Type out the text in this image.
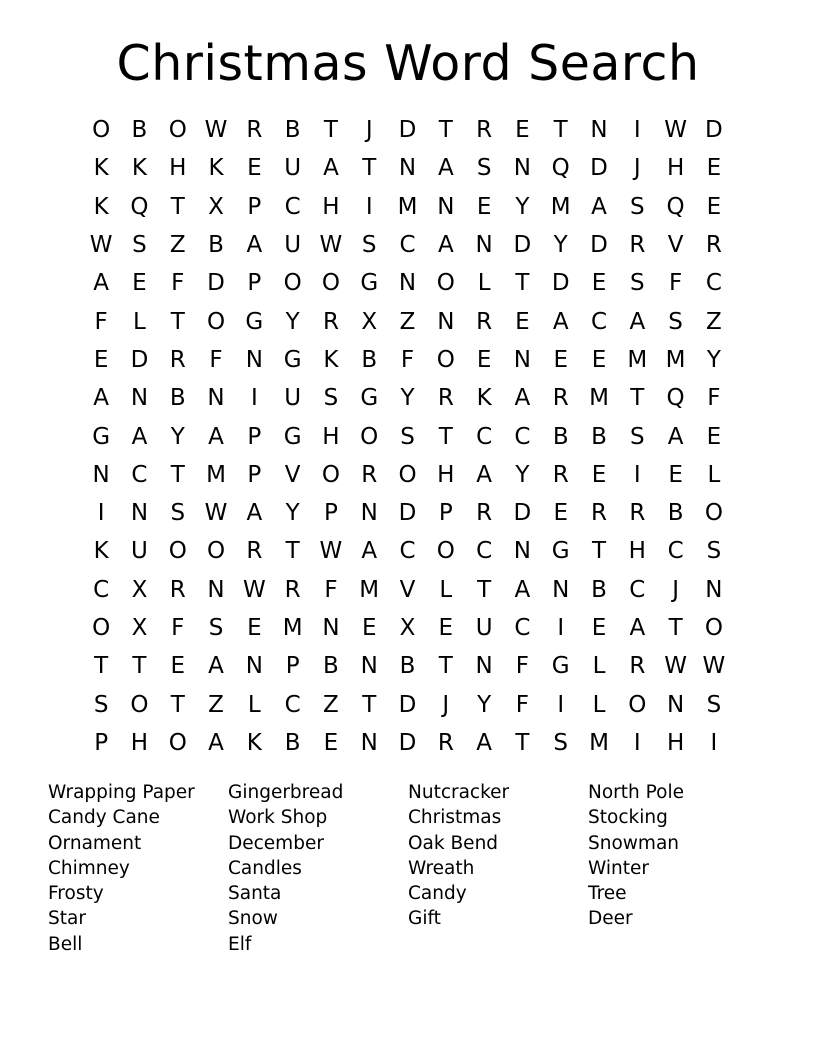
Christmas Word Search
O B O W R B	T	J	D T	R	E	T N	I	W D
K	K H K	E U A	T N A	S N Q D	J	H E
K Q T	X	P	C H	I	M N E	Y M A	S Q E
W S	Z B A U W S C A N D Y D R V R
A	E	F D P O O G N O L	T D E	S	F	C
F	L	T O G Y	R X Z N R	E	A C A	S	Z
E D R	F	N G K B	F O E N E	E M M Y
A N B N	I	U S G Y	R K A R M T Q F
G A	Y	A	P G H O S	T	C C B B	S	A	E
N C	T M P	V O R O H A	Y	R	E	I	E	L
I	N S W A	Y	P N D P	R D E	R R B O
K U O O R	T W A C O C N G T H C S
C X R N W R	F M V	L	T	A N B C	J	N
O X	F	S	E M N E	X	E U C	I	E	A	T O
T	T	E	A N P	B N B	T N	F G L	R W W
S O T	Z	L	C Z	T D	J	Y	F	I	L O N S
P H O A K B	E N D R A	T	S M	I	H	I
Wrapping Paper
Candy Cane
Ornament
Chimney
Frosty
Star
Bell
Gingerbread
Work Shop
December
Candles
Santa
Snow
Elf
Nutcracker
Christmas
Oak Bend
Wreath
Candy
Gift
North Pole
Stocking
Snowman
Winter
Tree
Deer
